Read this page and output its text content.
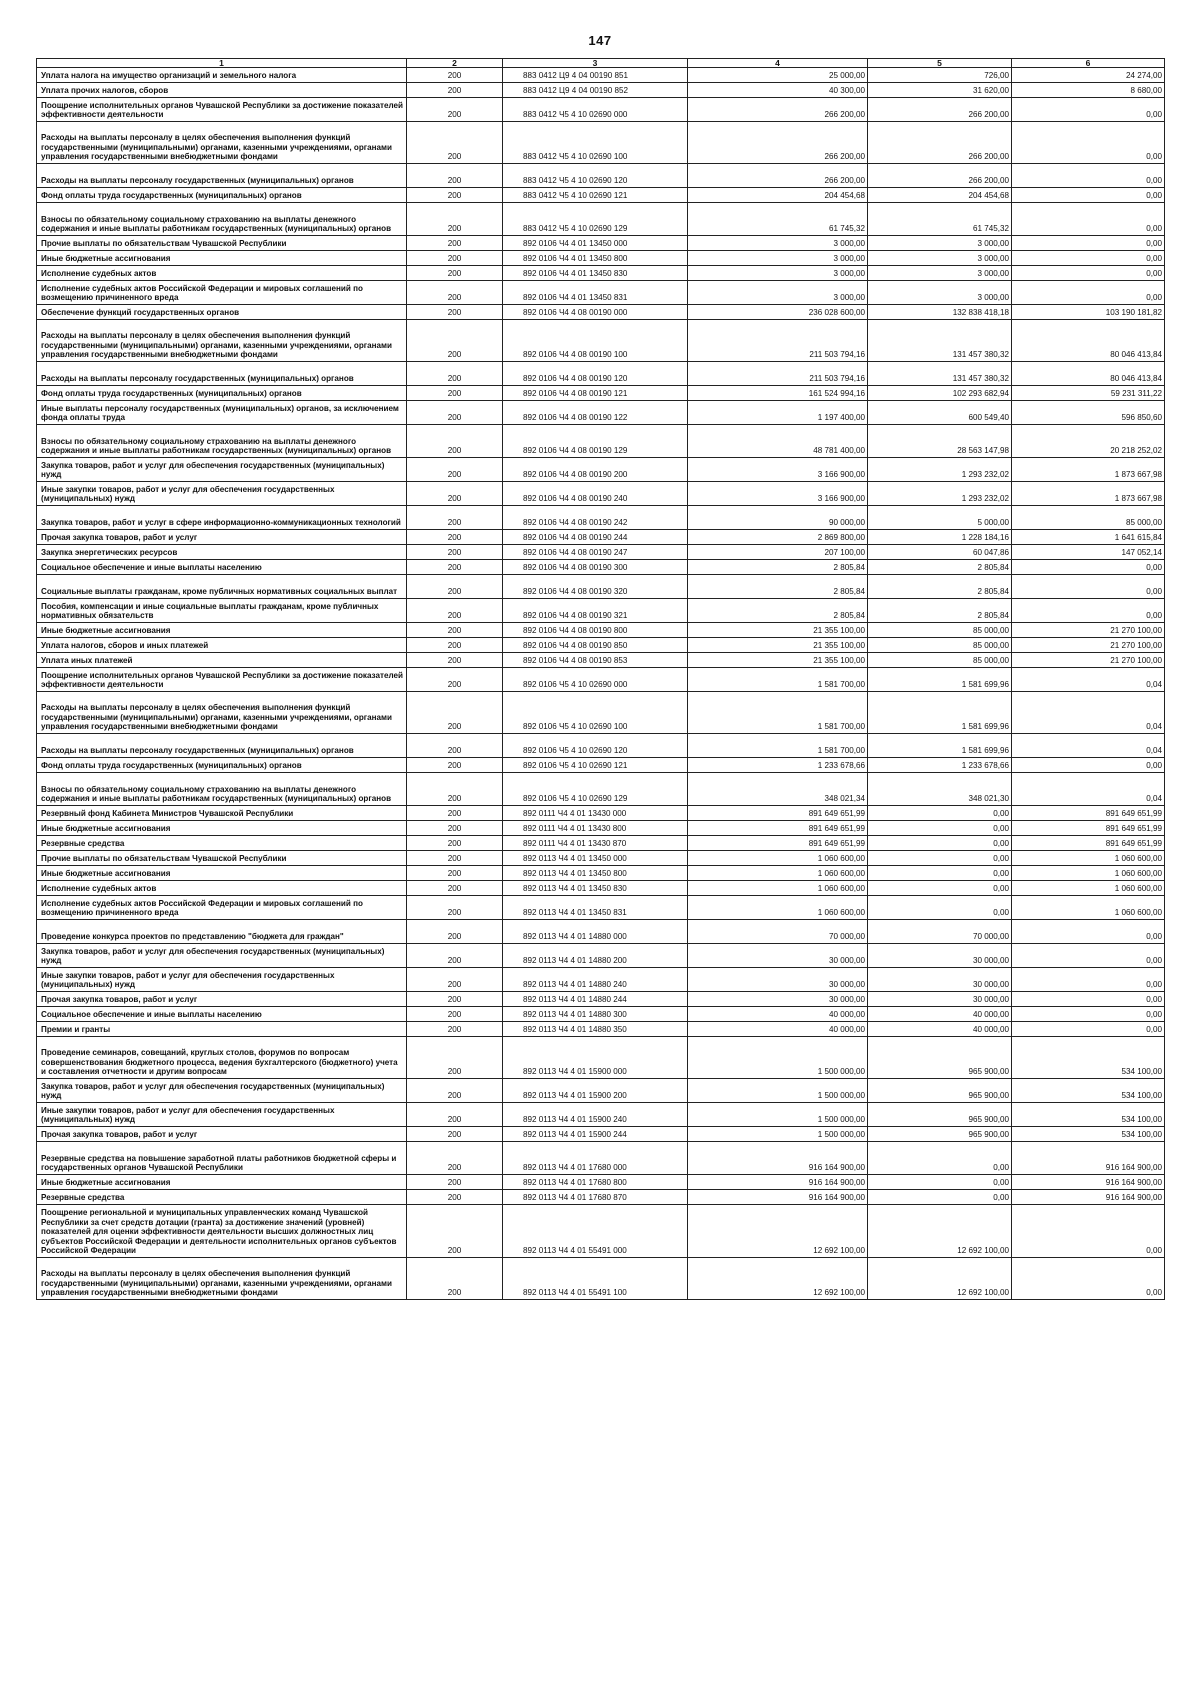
147
1	2	3	4	5	6
Уплата налога на имущество организаций и земельного налога	200	883 0412 Ц9 4 04 00190 851	25 000,00	726,00	24 274,00
Уплата прочих налогов, сборов	200	883 0412 Ц9 4 04 00190 852	40 300,00	31 620,00	8 680,00
Поощрение исполнительных органов Чувашской Республики за достижение показателей эффективности деятельности	200	883 0412 Ч5 4 10 02690 000	266 200,00	266 200,00	0,00
Расходы на выплаты персоналу в целях обеспечения выполнения функций государственными (муниципальными) органами, казенными учреждениями, органами управления государственными внебюджетными фондами	200	883 0412 Ч5 4 10 02690 100	266 200,00	266 200,00	0,00
Расходы на выплаты персоналу государственных (муниципальных) органов	200	883 0412 Ч5 4 10 02690 120	266 200,00	266 200,00	0,00
Фонд оплаты труда государственных (муниципальных) органов	200	883 0412 Ч5 4 10 02690 121	204 454,68	204 454,68	0,00
Взносы по обязательному социальному страхованию на выплаты денежного содержания и иные выплаты работникам государственных (муниципальных) органов	200	883 0412 Ч5 4 10 02690 129	61 745,32	61 745,32	0,00
Прочие выплаты по обязательствам Чувашской Республики	200	892 0106 Ч4 4 01 13450 000	3 000,00	3 000,00	0,00
Иные бюджетные ассигнования	200	892 0106 Ч4 4 01 13450 800	3 000,00	3 000,00	0,00
Исполнение судебных актов	200	892 0106 Ч4 4 01 13450 830	3 000,00	3 000,00	0,00
Исполнение судебных актов Российской Федерации и мировых соглашений по возмещению причиненного вреда	200	892 0106 Ч4 4 01 13450 831	3 000,00	3 000,00	0,00
Обеспечение функций государственных органов	200	892 0106 Ч4 4 08 00190 000	236 028 600,00	132 838 418,18	103 190 181,82
Расходы на выплаты персоналу в целях обеспечения выполнения функций государственными (муниципальными) органами, казенными учреждениями, органами управления государственными внебюджетными фондами	200	892 0106 Ч4 4 08 00190 100	211 503 794,16	131 457 380,32	80 046 413,84
Расходы на выплаты персоналу государственных (муниципальных) органов	200	892 0106 Ч4 4 08 00190 120	211 503 794,16	131 457 380,32	80 046 413,84
Фонд оплаты труда государственных (муниципальных) органов	200	892 0106 Ч4 4 08 00190 121	161 524 994,16	102 293 682,94	59 231 311,22
Иные выплаты персоналу государственных (муниципальных) органов, за исключением фонда оплаты труда	200	892 0106 Ч4 4 08 00190 122	1 197 400,00	600 549,40	596 850,60
Взносы по обязательному социальному страхованию на выплаты денежного содержания и иные выплаты работникам государственных (муниципальных) органов	200	892 0106 Ч4 4 08 00190 129	48 781 400,00	28 563 147,98	20 218 252,02
Закупка товаров, работ и услуг для обеспечения государственных (муниципальных) нужд	200	892 0106 Ч4 4 08 00190 200	3 166 900,00	1 293 232,02	1 873 667,98
Иные закупки товаров, работ и услуг для обеспечения государственных (муниципальных) нужд	200	892 0106 Ч4 4 08 00190 240	3 166 900,00	1 293 232,02	1 873 667,98
Закупка товаров, работ и услуг в сфере информационно-коммуникационных технологий	200	892 0106 Ч4 4 08 00190 242	90 000,00	5 000,00	85 000,00
Прочая закупка товаров, работ и услуг	200	892 0106 Ч4 4 08 00190 244	2 869 800,00	1 228 184,16	1 641 615,84
Закупка энергетических ресурсов	200	892 0106 Ч4 4 08 00190 247	207 100,00	60 047,86	147 052,14
Социальное обеспечение и иные выплаты населению	200	892 0106 Ч4 4 08 00190 300	2 805,84	2 805,84	0,00
Социальные выплаты гражданам, кроме публичных нормативных социальных выплат	200	892 0106 Ч4 4 08 00190 320	2 805,84	2 805,84	0,00
Пособия, компенсации и иные социальные выплаты гражданам, кроме публичных нормативных обязательств	200	892 0106 Ч4 4 08 00190 321	2 805,84	2 805,84	0,00
Иные бюджетные ассигнования	200	892 0106 Ч4 4 08 00190 800	21 355 100,00	85 000,00	21 270 100,00
Уплата налогов, сборов и иных платежей	200	892 0106 Ч4 4 08 00190 850	21 355 100,00	85 000,00	21 270 100,00
Уплата иных платежей	200	892 0106 Ч4 4 08 00190 853	21 355 100,00	85 000,00	21 270 100,00
Поощрение исполнительных органов Чувашской Республики за достижение показателей эффективности деятельности	200	892 0106 Ч5 4 10 02690 000	1 581 700,00	1 581 699,96	0,04
Расходы на выплаты персоналу в целях обеспечения выполнения функций государственными (муниципальными) органами, казенными учреждениями, органами управления государственными внебюджетными фондами	200	892 0106 Ч5 4 10 02690 100	1 581 700,00	1 581 699,96	0,04
Расходы на выплаты персоналу государственных (муниципальных) органов	200	892 0106 Ч5 4 10 02690 120	1 581 700,00	1 581 699,96	0,04
Фонд оплаты труда государственных (муниципальных) органов	200	892 0106 Ч5 4 10 02690 121	1 233 678,66	1 233 678,66	0,00
Взносы по обязательному социальному страхованию на выплаты денежного содержания и иные выплаты работникам государственных (муниципальных) органов	200	892 0106 Ч5 4 10 02690 129	348 021,34	348 021,30	0,04
Резервный фонд Кабинета Министров Чувашской Республики	200	892 0111 Ч4 4 01 13430 000	891 649 651,99	0,00	891 649 651,99
Иные бюджетные ассигнования	200	892 0111 Ч4 4 01 13430 800	891 649 651,99	0,00	891 649 651,99
Резервные средства	200	892 0111 Ч4 4 01 13430 870	891 649 651,99	0,00	891 649 651,99
Прочие выплаты по обязательствам Чувашской Республики	200	892 0113 Ч4 4 01 13450 000	1 060 600,00	0,00	1 060 600,00
Иные бюджетные ассигнования	200	892 0113 Ч4 4 01 13450 800	1 060 600,00	0,00	1 060 600,00
Исполнение судебных актов	200	892 0113 Ч4 4 01 13450 830	1 060 600,00	0,00	1 060 600,00
Исполнение судебных актов Российской Федерации и мировых соглашений по возмещению причиненного вреда	200	892 0113 Ч4 4 01 13450 831	1 060 600,00	0,00	1 060 600,00
Проведение конкурса проектов по представлению "бюджета для граждан"	200	892 0113 Ч4 4 01 14880 000	70 000,00	70 000,00	0,00
Закупка товаров, работ и услуг для обеспечения государственных (муниципальных) нужд	200	892 0113 Ч4 4 01 14880 200	30 000,00	30 000,00	0,00
Иные закупки товаров, работ и услуг для обеспечения государственных (муниципальных) нужд	200	892 0113 Ч4 4 01 14880 240	30 000,00	30 000,00	0,00
Прочая закупка товаров, работ и услуг	200	892 0113 Ч4 4 01 14880 244	30 000,00	30 000,00	0,00
Социальное обеспечение и иные выплаты населению	200	892 0113 Ч4 4 01 14880 300	40 000,00	40 000,00	0,00
Премии и гранты	200	892 0113 Ч4 4 01 14880 350	40 000,00	40 000,00	0,00
Проведение семинаров, совещаний, круглых столов, форумов по вопросам совершенствования бюджетного процесса, ведения бухгалтерского (бюджетного) учета и составления отчетности и другим вопросам	200	892 0113 Ч4 4 01 15900 000	1 500 000,00	965 900,00	534 100,00
Закупка товаров, работ и услуг для обеспечения государственных (муниципальных) нужд	200	892 0113 Ч4 4 01 15900 200	1 500 000,00	965 900,00	534 100,00
Иные закупки товаров, работ и услуг для обеспечения государственных (муниципальных) нужд	200	892 0113 Ч4 4 01 15900 240	1 500 000,00	965 900,00	534 100,00
Прочая закупка товаров, работ и услуг	200	892 0113 Ч4 4 01 15900 244	1 500 000,00	965 900,00	534 100,00
Резервные средства на повышение заработной платы работников бюджетной сферы и государственных органов Чувашской Республики	200	892 0113 Ч4 4 01 17680 000	916 164 900,00	0,00	916 164 900,00
Иные бюджетные ассигнования	200	892 0113 Ч4 4 01 17680 800	916 164 900,00	0,00	916 164 900,00
Резервные средства	200	892 0113 Ч4 4 01 17680 870	916 164 900,00	0,00	916 164 900,00
Поощрение региональной и муниципальных управленческих команд Чувашской Республики за счет средств дотации (гранта) за достижение значений (уровней) показателей для оценки эффективности деятельности высших должностных лиц субъектов Российской Федерации и деятельности исполнительных органов субъектов Российской Федерации	200	892 0113 Ч4 4 01 55491 000	12 692 100,00	12 692 100,00	0,00
Расходы на выплаты персоналу в целях обеспечения выполнения функций государственными (муниципальными) органами, казенными учреждениями, органами управления государственными внебюджетными фондами	200	892 0113 Ч4 4 01 55491 100	12 692 100,00	12 692 100,00	0,00
